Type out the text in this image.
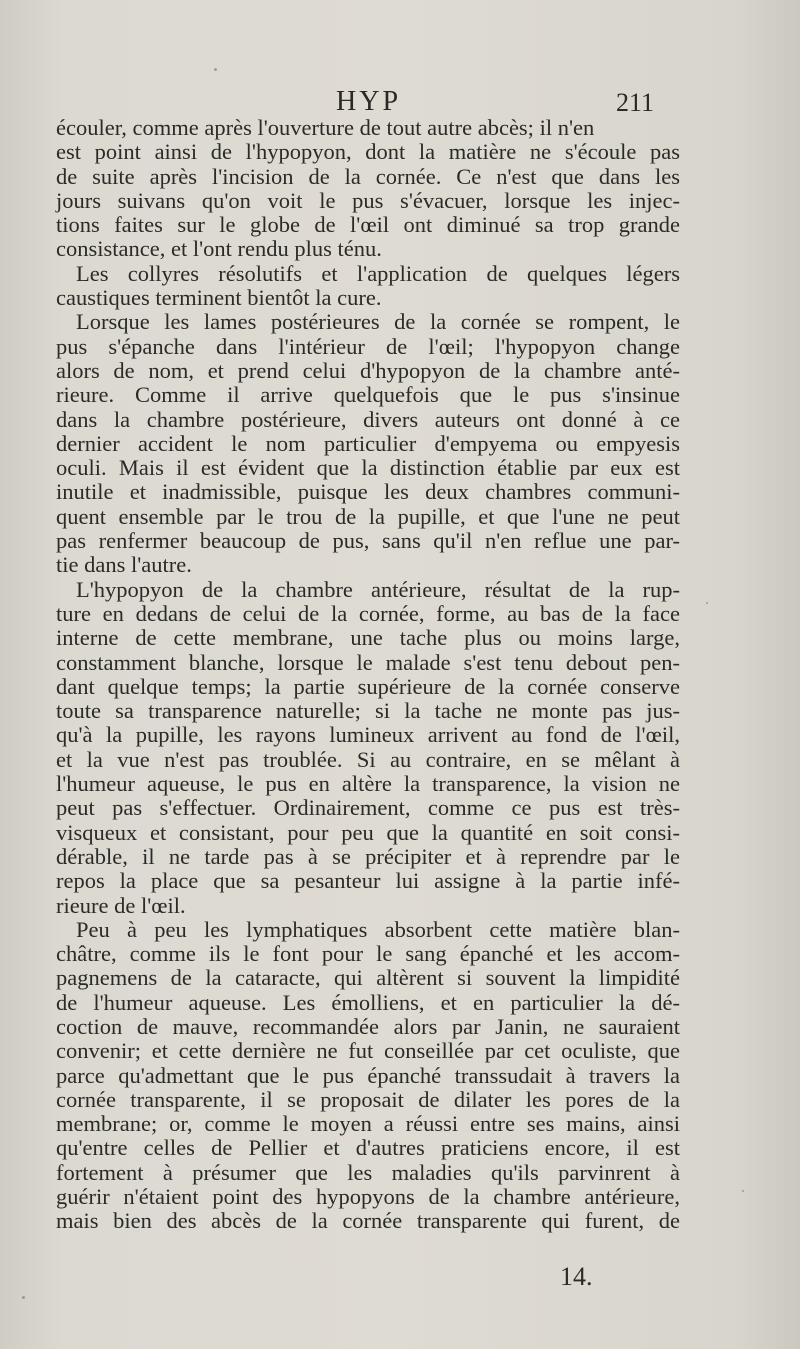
HYP	211

écouler, comme après l'ouverture de tout autre abcès; il n'en

est point ainsi de l'hypopyon, dont la matière ne s'écoule pas

de suite après l'incision de la cornée. Ce n'est que dans les

jours suivans qu'on voit le pus s'évacuer, lorsque les injec-

tions faites sur le globe de l'œil ont diminué sa trop grande

consistance, et l'ont rendu plus ténu.

Les collyres résolutifs et l'application de quelques légers

caustiques terminent bientôt la cure.

Lorsque les lames postérieures de la cornée se rompent, le

pus s'épanche dans l'intérieur de l'œil; l'hypopyon change

alors de nom, et prend celui d'hypopyon de la chambre anté-

rieure. Comme il arrive quelquefois que le pus s'insinue

dans la chambre postérieure, divers auteurs ont donné à ce

dernier accident le nom particulier d'empyema ou empyesis

oculi. Mais il est évident que la distinction établie par eux est

inutile et inadmissible, puisque les deux chambres communi-

quent ensemble par le trou de la pupille, et que l'une ne peut

pas renfermer beaucoup de pus, sans qu'il n'en reflue une par-

tie dans l'autre.

L'hypopyon de la chambre antérieure, résultat de la rup-

ture en dedans de celui de la cornée, forme, au bas de la face

interne de cette membrane, une tache plus ou moins large,

constamment blanche, lorsque le malade s'est tenu debout pen-

dant quelque temps; la partie supérieure de la cornée conserve

toute sa transparence naturelle; si la tache ne monte pas jus-

qu'à la pupille, les rayons lumineux arrivent au fond de l'œil,

et la vue n'est pas troublée. Si au contraire, en se mêlant à

l'humeur aqueuse, le pus en altère la transparence, la vision ne

peut pas s'effectuer. Ordinairement, comme ce pus est très-

visqueux et consistant, pour peu que la quantité en soit consi-

dérable, il ne tarde pas à se précipiter et à reprendre par le

repos la place que sa pesanteur lui assigne à la partie infé-

rieure de l'œil.

Peu à peu les lymphatiques absorbent cette matière blan-

châtre, comme ils le font pour le sang épanché et les accom-

pagnemens de la cataracte, qui altèrent si souvent la limpidité

de l'humeur aqueuse. Les émolliens, et en particulier la dé-

coction de mauve, recommandée alors par Janin, ne sauraient

convenir; et cette dernière ne fut conseillée par cet oculiste, que

parce qu'admettant que le pus épanché transsudait à travers la

cornée transparente, il se proposait de dilater les pores de la

membrane; or, comme le moyen a réussi entre ses mains, ainsi

qu'entre celles de Pellier et d'autres praticiens encore, il est

fortement à présumer que les maladies qu'ils parvinrent à

guérir n'étaient point des hypopyons de la chambre antérieure,

mais bien des abcès de la cornée transparente qui furent, de

14.
